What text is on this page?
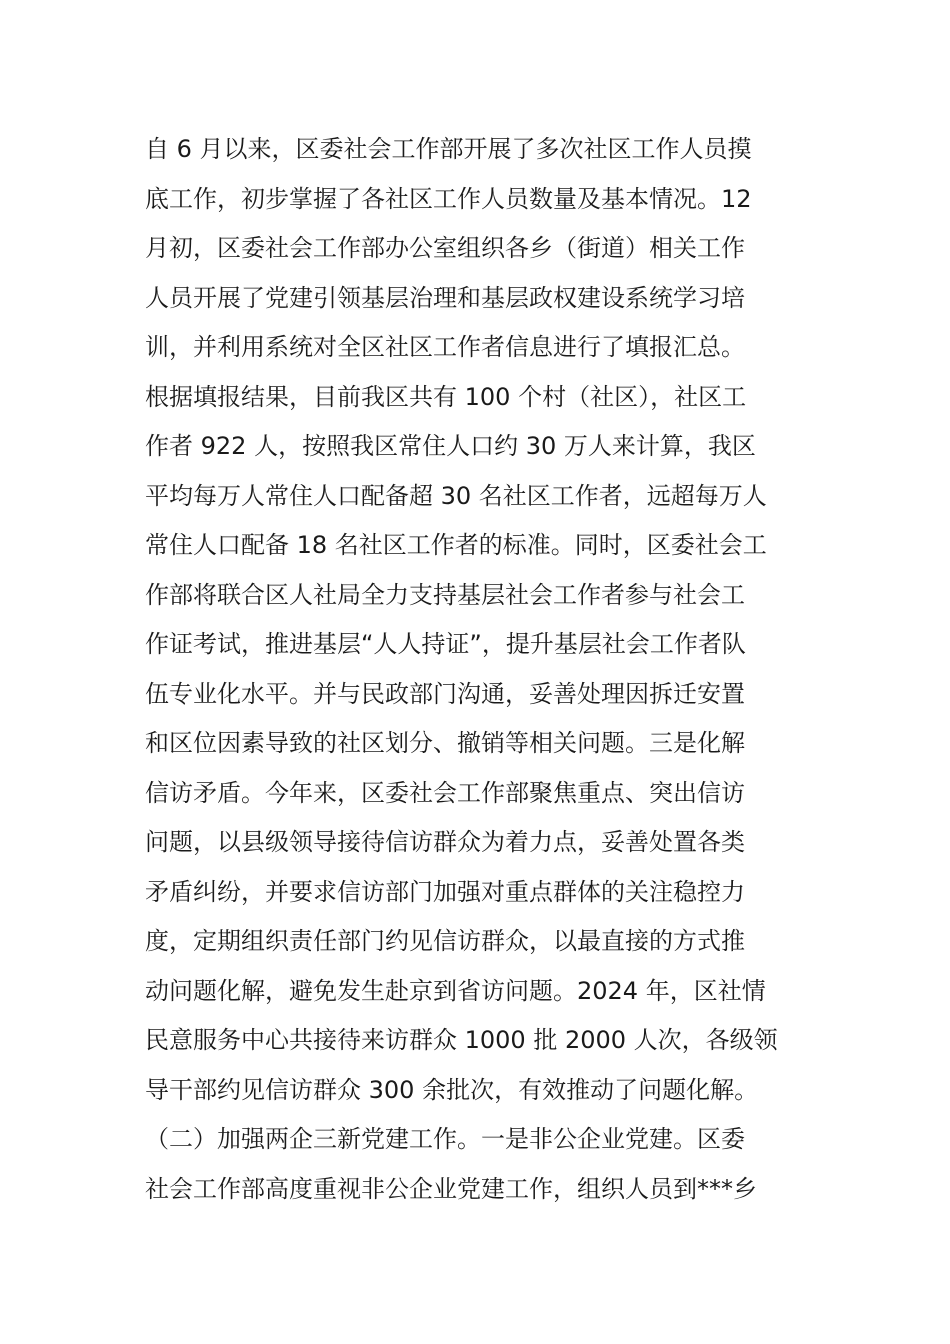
自 6 月以来，区委社会工作部开展了多次社区工作人员摸
底工作，初步掌握了各社区工作人员数量及基本情况。12
月初，区委社会工作部办公室组织各乡（街道）相关工作
人员开展了党建引领基层治理和基层政权建设系统学习培
训，并利用系统对全区社区工作者信息进行了填报汇总。
根据填报结果，目前我区共有 100 个村（社区），社区工
作者 922 人，按照我区常住人口约 30 万人来计算，我区
平均每万人常住人口配备超 30 名社区工作者，远超每万人
常住人口配备 18 名社区工作者的标准。同时，区委社会工
作部将联合区人社局全力支持基层社会工作者参与社会工
作证考试，推进基层“人人持证”，提升基层社会工作者队
伍专业化水平。并与民政部门沟通，妥善处理因拆迁安置
和区位因素导致的社区划分、撤销等相关问题。三是化解
信访矛盾。今年来，区委社会工作部聚焦重点、突出信访
问题，以县级领导接待信访群众为着力点，妥善处置各类
矛盾纠纷，并要求信访部门加强对重点群体的关注稳控力
度，定期组织责任部门约见信访群众，以最直接的方式推
动问题化解，避免发生赴京到省访问题。2024 年，区社情
民意服务中心共接待来访群众 1000 批 2000 人次，各级领
导干部约见信访群众 300 余批次，有效推动了问题化解。
（二）加强两企三新党建工作。一是非公企业党建。区委
社会工作部高度重视非公企业党建工作，组织人员到***乡
